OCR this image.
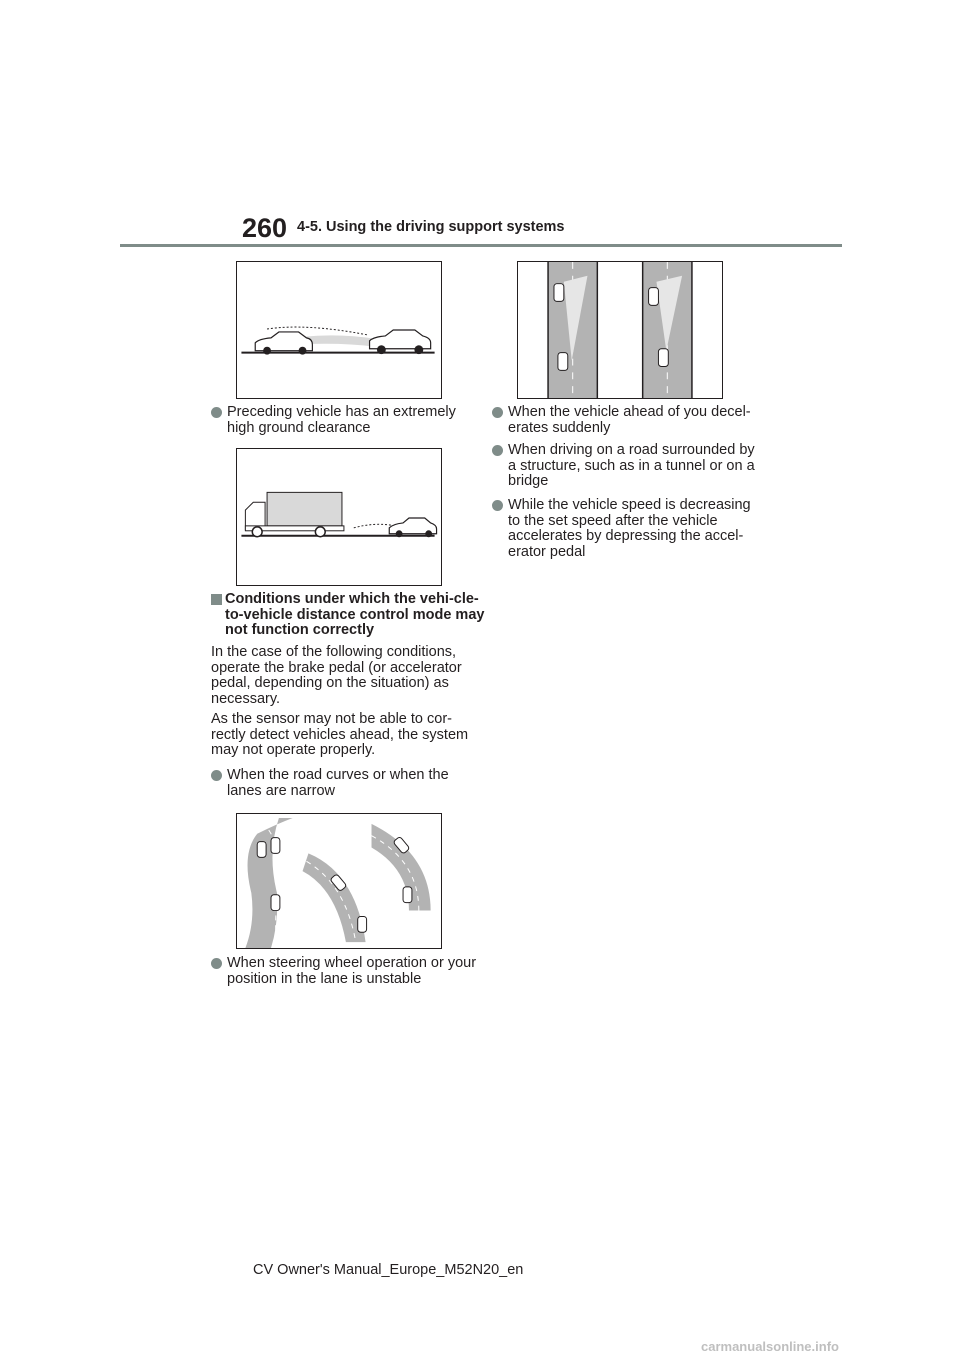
260 4-5. Using the driving support systems
Preceding vehicle has an extremely high ground clearance
Conditions under which the vehi-cle-to-vehicle distance control mode may not function correctly
In the case of the following conditions, operate the brake pedal (or accelerator pedal, depending on the situation) as necessary.
As the sensor may not be able to cor-rectly detect vehicles ahead, the system may not operate properly.
When the road curves or when the lanes are narrow
When steering wheel operation or your position in the lane is unstable
When the vehicle ahead of you decel-erates suddenly
When driving on a road surrounded by a structure, such as in a tunnel or on a bridge
While the vehicle speed is decreasing to the set speed after the vehicle accelerates by depressing the accel-erator pedal
CV Owner's Manual_Europe_M52N20_en
carmanualsonline.info
